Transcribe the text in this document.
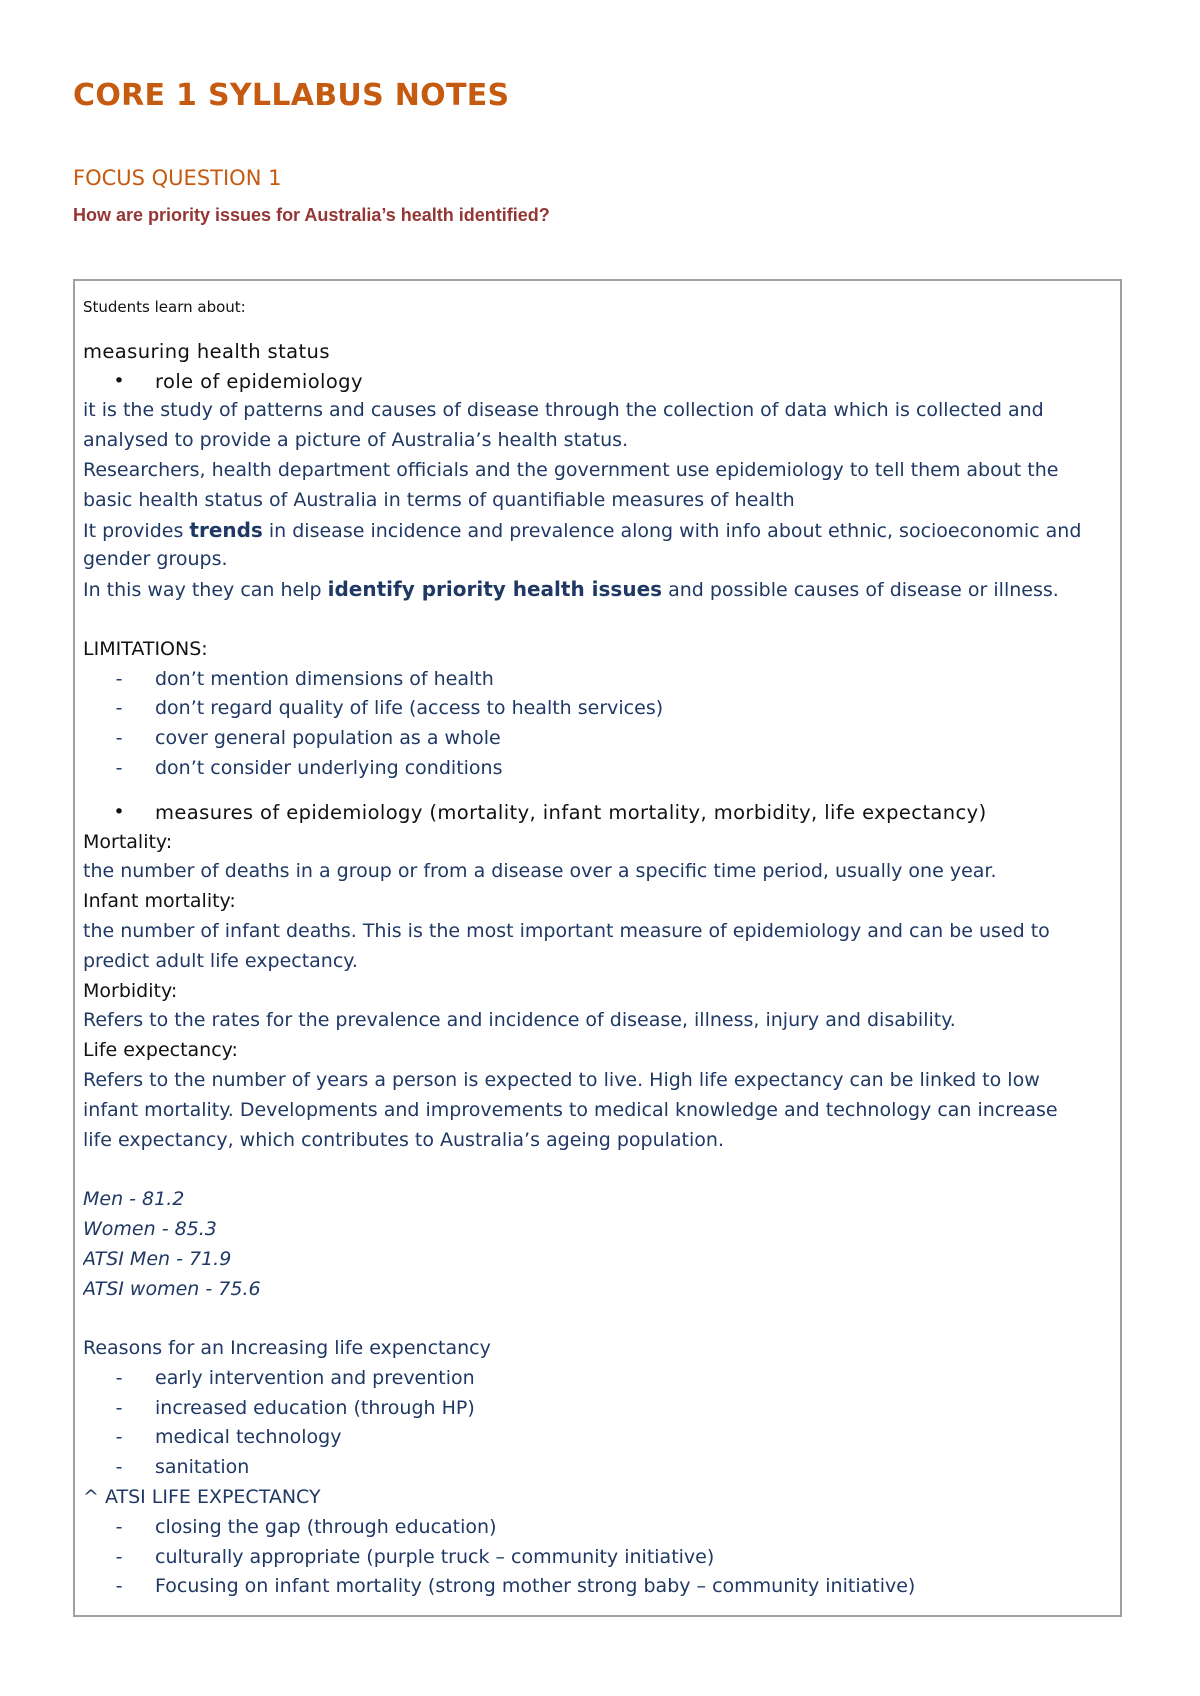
CORE 1 SYLLABUS NOTES
FOCUS QUESTION 1
How are priority issues for Australia’s health identified?
Students learn about:
measuring health status
•	role of epidemiology
it is the study of patterns and causes of disease through the collection of data which is collected and
analysed to provide a picture of Australia’s health status.
Researchers, health department officials and the government use epidemiology to tell them about the
basic health status of Australia in terms of quantifiable measures of health
It provides trends in disease incidence and prevalence along with info about ethnic, socioeconomic and
gender groups.
In this way they can help identify priority health issues and possible causes of disease or illness.
LIMITATIONS:
-	don’t mention dimensions of health
-	don’t regard quality of life (access to health services)
-	cover general population as a whole
-	don’t consider underlying conditions
•	measures of epidemiology (mortality, infant mortality, morbidity, life expectancy)
Mortality:
the number of deaths in a group or from a disease over a specific time period, usually one year.
Infant mortality:
the number of infant deaths. This is the most important measure of epidemiology and can be used to
predict adult life expectancy.
Morbidity:
Refers to the rates for the prevalence and incidence of disease, illness, injury and disability.
Life expectancy:
Refers to the number of years a person is expected to live. High life expectancy can be linked to low
infant mortality. Developments and improvements to medical knowledge and technology can increase
life expectancy, which contributes to Australia’s ageing population.
Men - 81.2
Women - 85.3
ATSI Men - 71.9
ATSI women - 75.6
Reasons for an Increasing life expenctancy
-	early intervention and prevention
-	increased education (through HP)
-	medical technology
-	sanitation
^ ATSI LIFE EXPECTANCY
-	closing the gap (through education)
-	culturally appropriate (purple truck – community initiative)
-	Focusing on infant mortality (strong mother strong baby – community initiative)
